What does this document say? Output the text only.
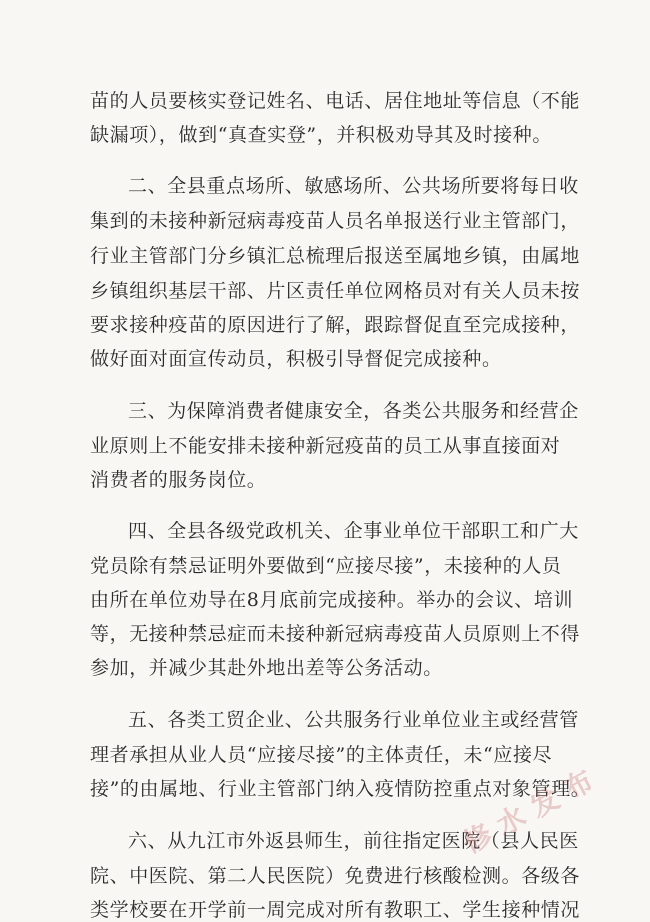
苗的人员要核实登记姓名、电话、居住地址等信息（不能
缺漏项），做到“真查实登”，并积极劝导其及时接种。
二、全县重点场所、敏感场所、公共场所要将每日收
集到的未接种新冠病毒疫苗人员名单报送行业主管部门，
行业主管部门分乡镇汇总梳理后报送至属地乡镇，由属地
乡镇组织基层干部、片区责任单位网格员对有关人员未按
要求接种疫苗的原因进行了解，跟踪督促直至完成接种，
做好面对面宣传动员，积极引导督促完成接种。
三、为保障消费者健康安全，各类公共服务和经营企
业原则上不能安排未接种新冠疫苗的员工从事直接面对
消费者的服务岗位。
四、全县各级党政机关、企事业单位干部职工和广大
党员除有禁忌证明外要做到“应接尽接”，未接种的人员
由所在单位劝导在8月底前完成接种。举办的会议、培训
等，无接种禁忌症而未接种新冠病毒疫苗人员原则上不得
参加，并减少其赴外地出差等公务活动。
五、各类工贸企业、公共服务行业单位业主或经营管
理者承担从业人员“应接尽接”的主体责任，未“应接尽
接”的由属地、行业主管部门纳入疫情防控重点对象管理。
六、从九江市外返县师生，前往指定医院（县人民医
院、中医院、第二人民医院）免费进行核酸检测。各级各
类学校要在开学前一周完成对所有教职工、学生接种情况
修水发布
